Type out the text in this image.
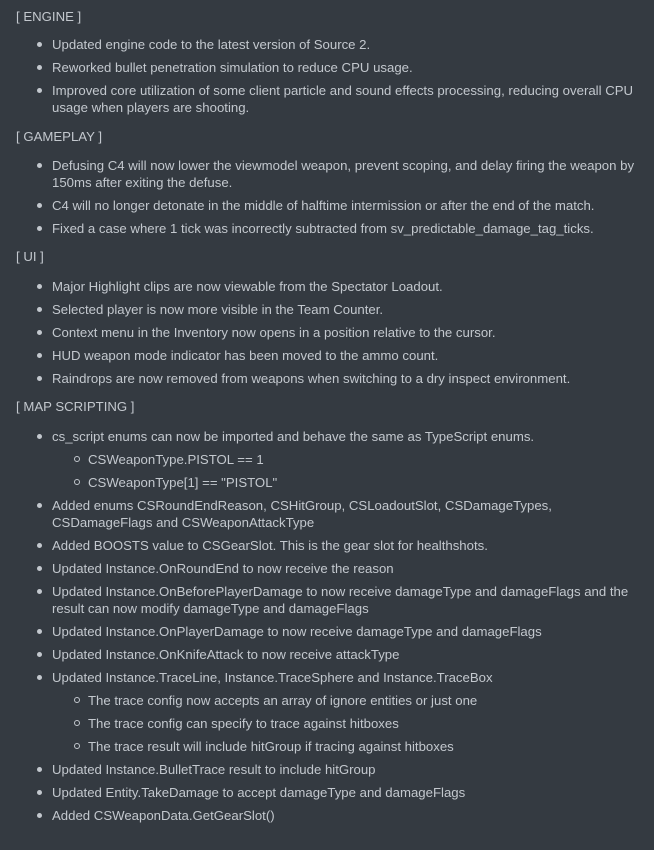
[ ENGINE ]
Updated engine code to the latest version of Source 2.
Reworked bullet penetration simulation to reduce CPU usage.
Improved core utilization of some client particle and sound effects processing, reducing overall CPU usage when players are shooting.
[ GAMEPLAY ]
Defusing C4 will now lower the viewmodel weapon, prevent scoping, and delay firing the weapon by 150ms after exiting the defuse.
C4 will no longer detonate in the middle of halftime intermission or after the end of the match.
Fixed a case where 1 tick was incorrectly subtracted from sv_predictable_damage_tag_ticks.
[ UI ]
Major Highlight clips are now viewable from the Spectator Loadout.
Selected player is now more visible in the Team Counter.
Context menu in the Inventory now opens in a position relative to the cursor.
HUD weapon mode indicator has been moved to the ammo count.
Raindrops are now removed from weapons when switching to a dry inspect environment.
[ MAP SCRIPTING ]
cs_script enums can now be imported and behave the same as TypeScript enums.
CSWeaponType.PISTOL == 1
CSWeaponType[1] == "PISTOL"
Added enums CSRoundEndReason, CSHitGroup, CSLoadoutSlot, CSDamageTypes, CSDamageFlags and CSWeaponAttackType
Added BOOSTS value to CSGearSlot. This is the gear slot for healthshots.
Updated Instance.OnRoundEnd to now receive the reason
Updated Instance.OnBeforePlayerDamage to now receive damageType and damageFlags and the result can now modify damageType and damageFlags
Updated Instance.OnPlayerDamage to now receive damageType and damageFlags
Updated Instance.OnKnifeAttack to now receive attackType
Updated Instance.TraceLine, Instance.TraceSphere and Instance.TraceBox
The trace config now accepts an array of ignore entities or just one
The trace config can specify to trace against hitboxes
The trace result will include hitGroup if tracing against hitboxes
Updated Instance.BulletTrace result to include hitGroup
Updated Entity.TakeDamage to accept damageType and damageFlags
Added CSWeaponData.GetGearSlot()
